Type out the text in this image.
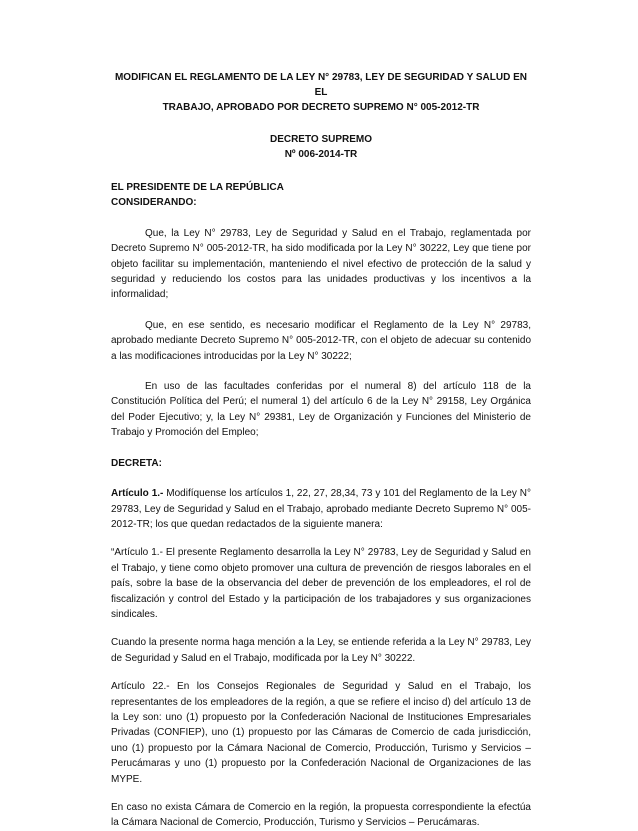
MODIFICAN EL REGLAMENTO DE LA LEY N° 29783, LEY DE SEGURIDAD Y SALUD EN EL
TRABAJO, APROBADO POR DECRETO SUPREMO N° 005-2012-TR
DECRETO SUPREMO
Nº 006-2014-TR

EL PRESIDENTE DE LA REPÚBLICA

CONSIDERANDO:

Que, la Ley N° 29783, Ley de Seguridad y Salud en el Trabajo, reglamentada por Decreto Supremo N° 005-2012-TR, ha sido modificada por la Ley N° 30222, Ley que tiene por objeto facilitar su implementación, manteniendo el nivel efectivo de protección de la salud y seguridad y reduciendo los costos para las unidades productivas y los incentivos a la informalidad;

Que, en ese sentido, es necesario modificar el Reglamento de la Ley N° 29783, aprobado mediante Decreto Supremo N° 005-2012-TR, con el objeto de adecuar su contenido a las modificaciones introducidas por la Ley N° 30222;

En uso de las facultades conferidas por el numeral 8) del artículo 118 de la Constitución Política del Perú; el numeral 1) del artículo 6 de la Ley N° 29158, Ley Orgánica del Poder Ejecutivo; y, la Ley N° 29381, Ley de Organización y Funciones del Ministerio de Trabajo y Promoción del Empleo;

DECRETA:

Artículo 1.- Modifíquense los artículos 1, 22, 27, 28,34, 73 y 101 del Reglamento de la Ley N° 29783, Ley de Seguridad y Salud en el Trabajo, aprobado mediante Decreto Supremo N° 005-2012-TR; los que quedan redactados de la siguiente manera:

“Artículo 1.- El presente Reglamento desarrolla la Ley N° 29783, Ley de Seguridad y Salud en el Trabajo, y tiene como objeto promover una cultura de prevención de riesgos laborales en el país, sobre la base de la observancia del deber de prevención de los empleadores, el rol de fiscalización y control del Estado y la participación de los trabajadores y sus organizaciones sindicales.

Cuando la presente norma haga mención a la Ley, se entiende referida a la Ley N° 29783, Ley de Seguridad y Salud en el Trabajo, modificada por la Ley N° 30222.

Artículo 22.- En los Consejos Regionales de Seguridad y Salud en el Trabajo, los representantes de los empleadores de la región, a que se refiere el inciso d) del artículo 13 de la Ley son: uno (1) propuesto por la Confederación Nacional de Instituciones Empresariales Privadas (CONFIEP), uno (1) propuesto por las Cámaras de Comercio de cada jurisdicción, uno (1) propuesto por la Cámara Nacional de Comercio, Producción, Turismo y Servicios – Perucámaras y uno (1) propuesto por la Confederación Nacional de Organizaciones de las MYPE.

En caso no exista Cámara de Comercio en la región, la propuesta correspondiente la efectúa la Cámara Nacional de Comercio, Producción, Turismo y Servicios – Perucámaras.
